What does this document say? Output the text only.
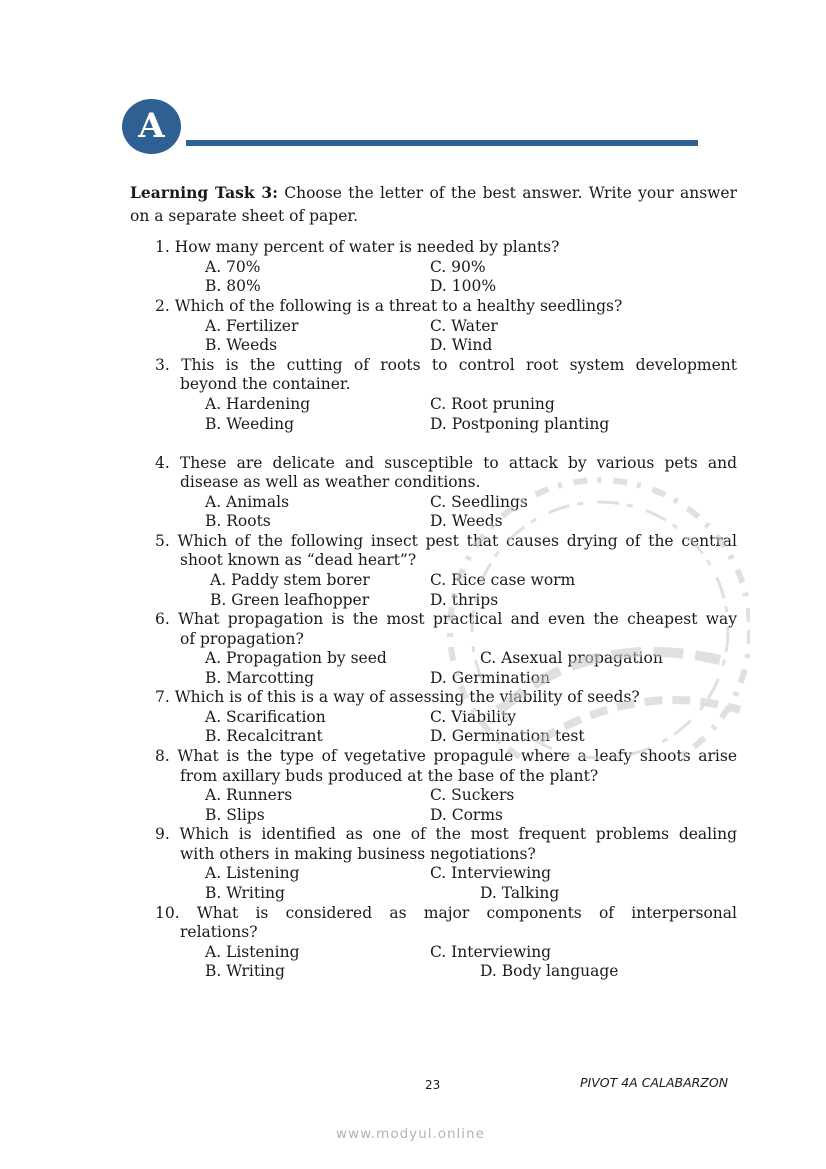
A

Learning Task 3: Choose the letter of the best answer. Write your answer on a separate sheet of paper.

1. How many percent of water is needed by plants?
A. 70%	C. 90%
B. 80%	D. 100%
2. Which of the following is a threat to a healthy seedlings?
A. Fertilizer	C. Water
B. Weeds	D. Wind
3. This is the cutting of roots to control root system development
beyond the container.
A. Hardening	C. Root pruning
B. Weeding	D. Postponing planting
4. These are delicate and susceptible to attack by various pets and
disease as well as weather conditions.
A. Animals	C. Seedlings
B. Roots	D. Weeds
5. Which of the following insect pest that causes drying of the central
shoot known as “dead heart”?
A. Paddy stem borer	C. Rice case worm
B. Green leafhopper	D. thrips
6. What propagation is the most practical and even the cheapest way
of propagation?
A. Propagation by seed	C. Asexual propagation
B. Marcotting	D. Germination
7. Which is of this is a way of assessing the viability of seeds?
A. Scarification	C. Viability
B. Recalcitrant	D. Germination test
8. What is the type of vegetative propagule where a leafy shoots arise
from axillary buds produced at the base of the plant?
A. Runners	C. Suckers
B. Slips	D. Corms
9. Which is identified as one of the most frequent problems dealing
with others in making business negotiations?
A. Listening	C. Interviewing
B. Writing	D. Talking
10. What is considered as major components of interpersonal
relations?
A. Listening	C. Interviewing
B. Writing	D. Body language
23	PIVOT 4A CALABARZON
www.modyul.online
